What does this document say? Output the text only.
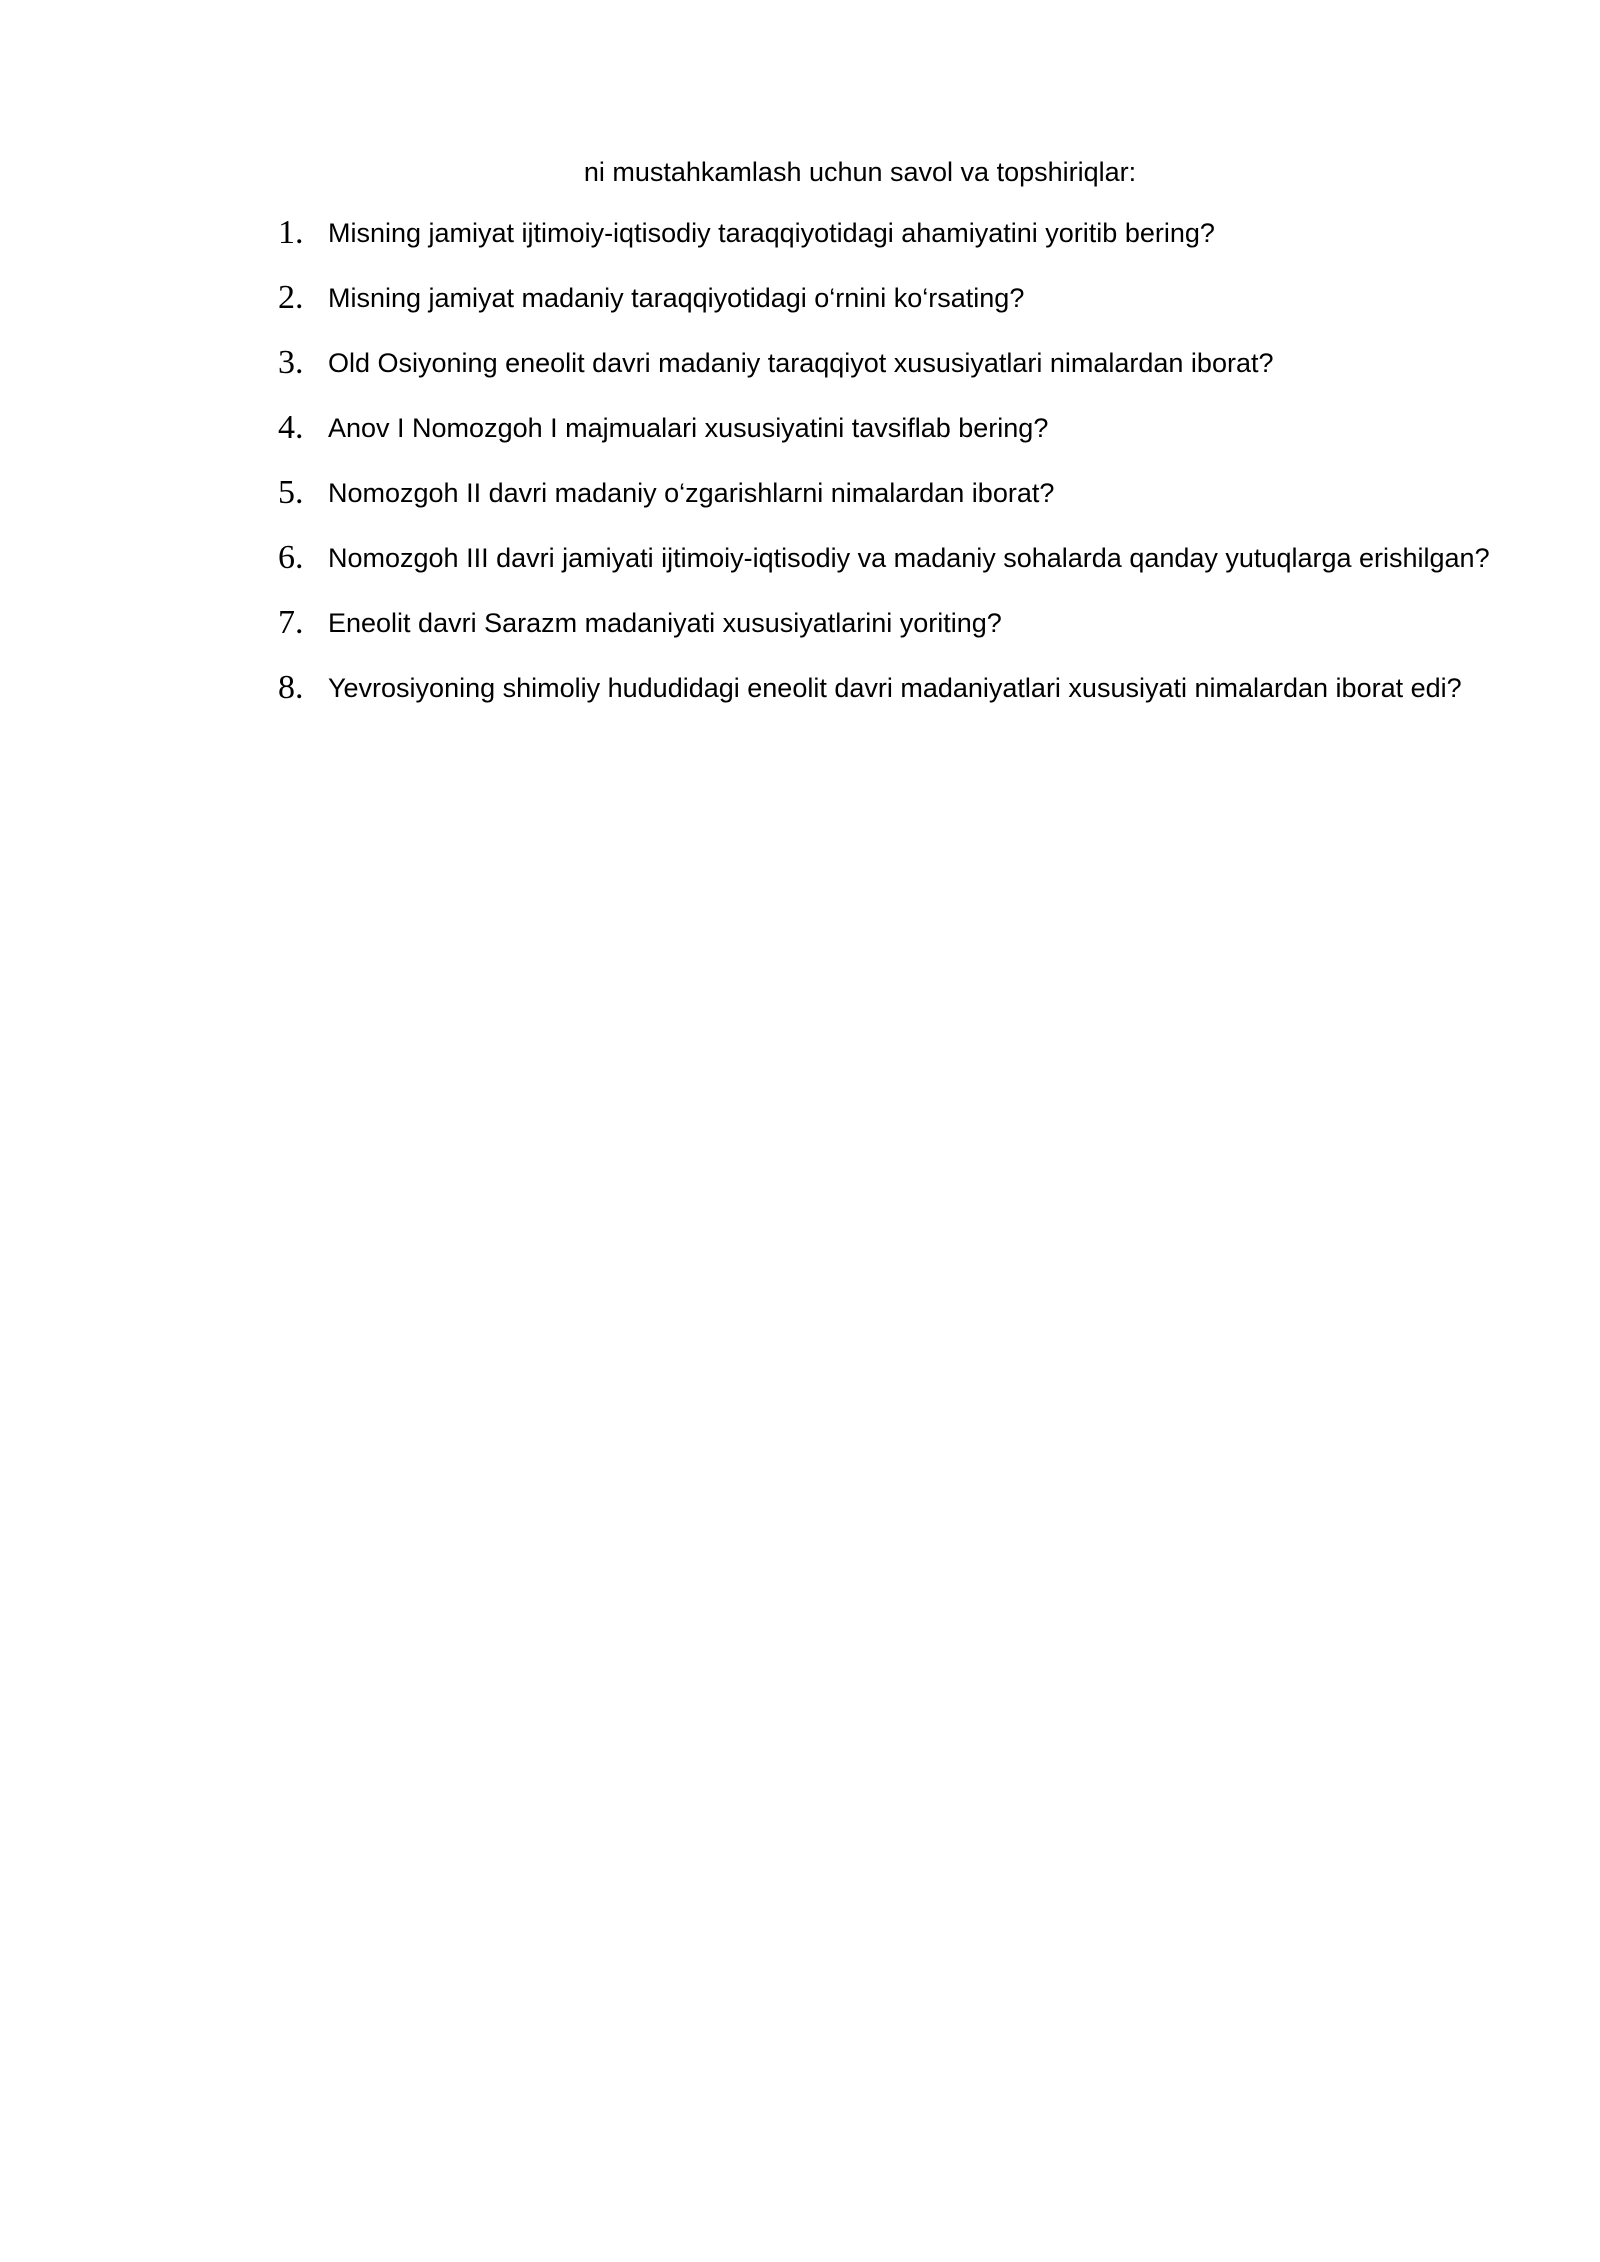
ni mustahkamlash uchun savol va topshiriqlar:
1. Misning jamiyat ijtimoiy-iqtisodiy taraqqiyotidagi ahamiyatini yoritib bering?
2. Misning jamiyat madaniy taraqqiyotidagi o‘rnini ko‘rsating?
3. Old Osiyoning eneolit davri madaniy taraqqiyot xususiyatlari nimalardan iborat?
4. Anov I Nomozgoh I majmualari xususiyatini tavsiflab bering?
5. Nomozgoh II davri madaniy o‘zgarishlarni nimalardan iborat?
6. Nomozgoh III davri jamiyati ijtimoiy-iqtisodiy va madaniy sohalarda qanday yutuqlarga erishilgan?
7. Eneolit davri Sarazm madaniyati xususiyatlarini yoriting?
8. Yevrosiyoning shimoliy hududidagi eneolit davri madaniyatlari xususiyati nimalardan iborat edi?
